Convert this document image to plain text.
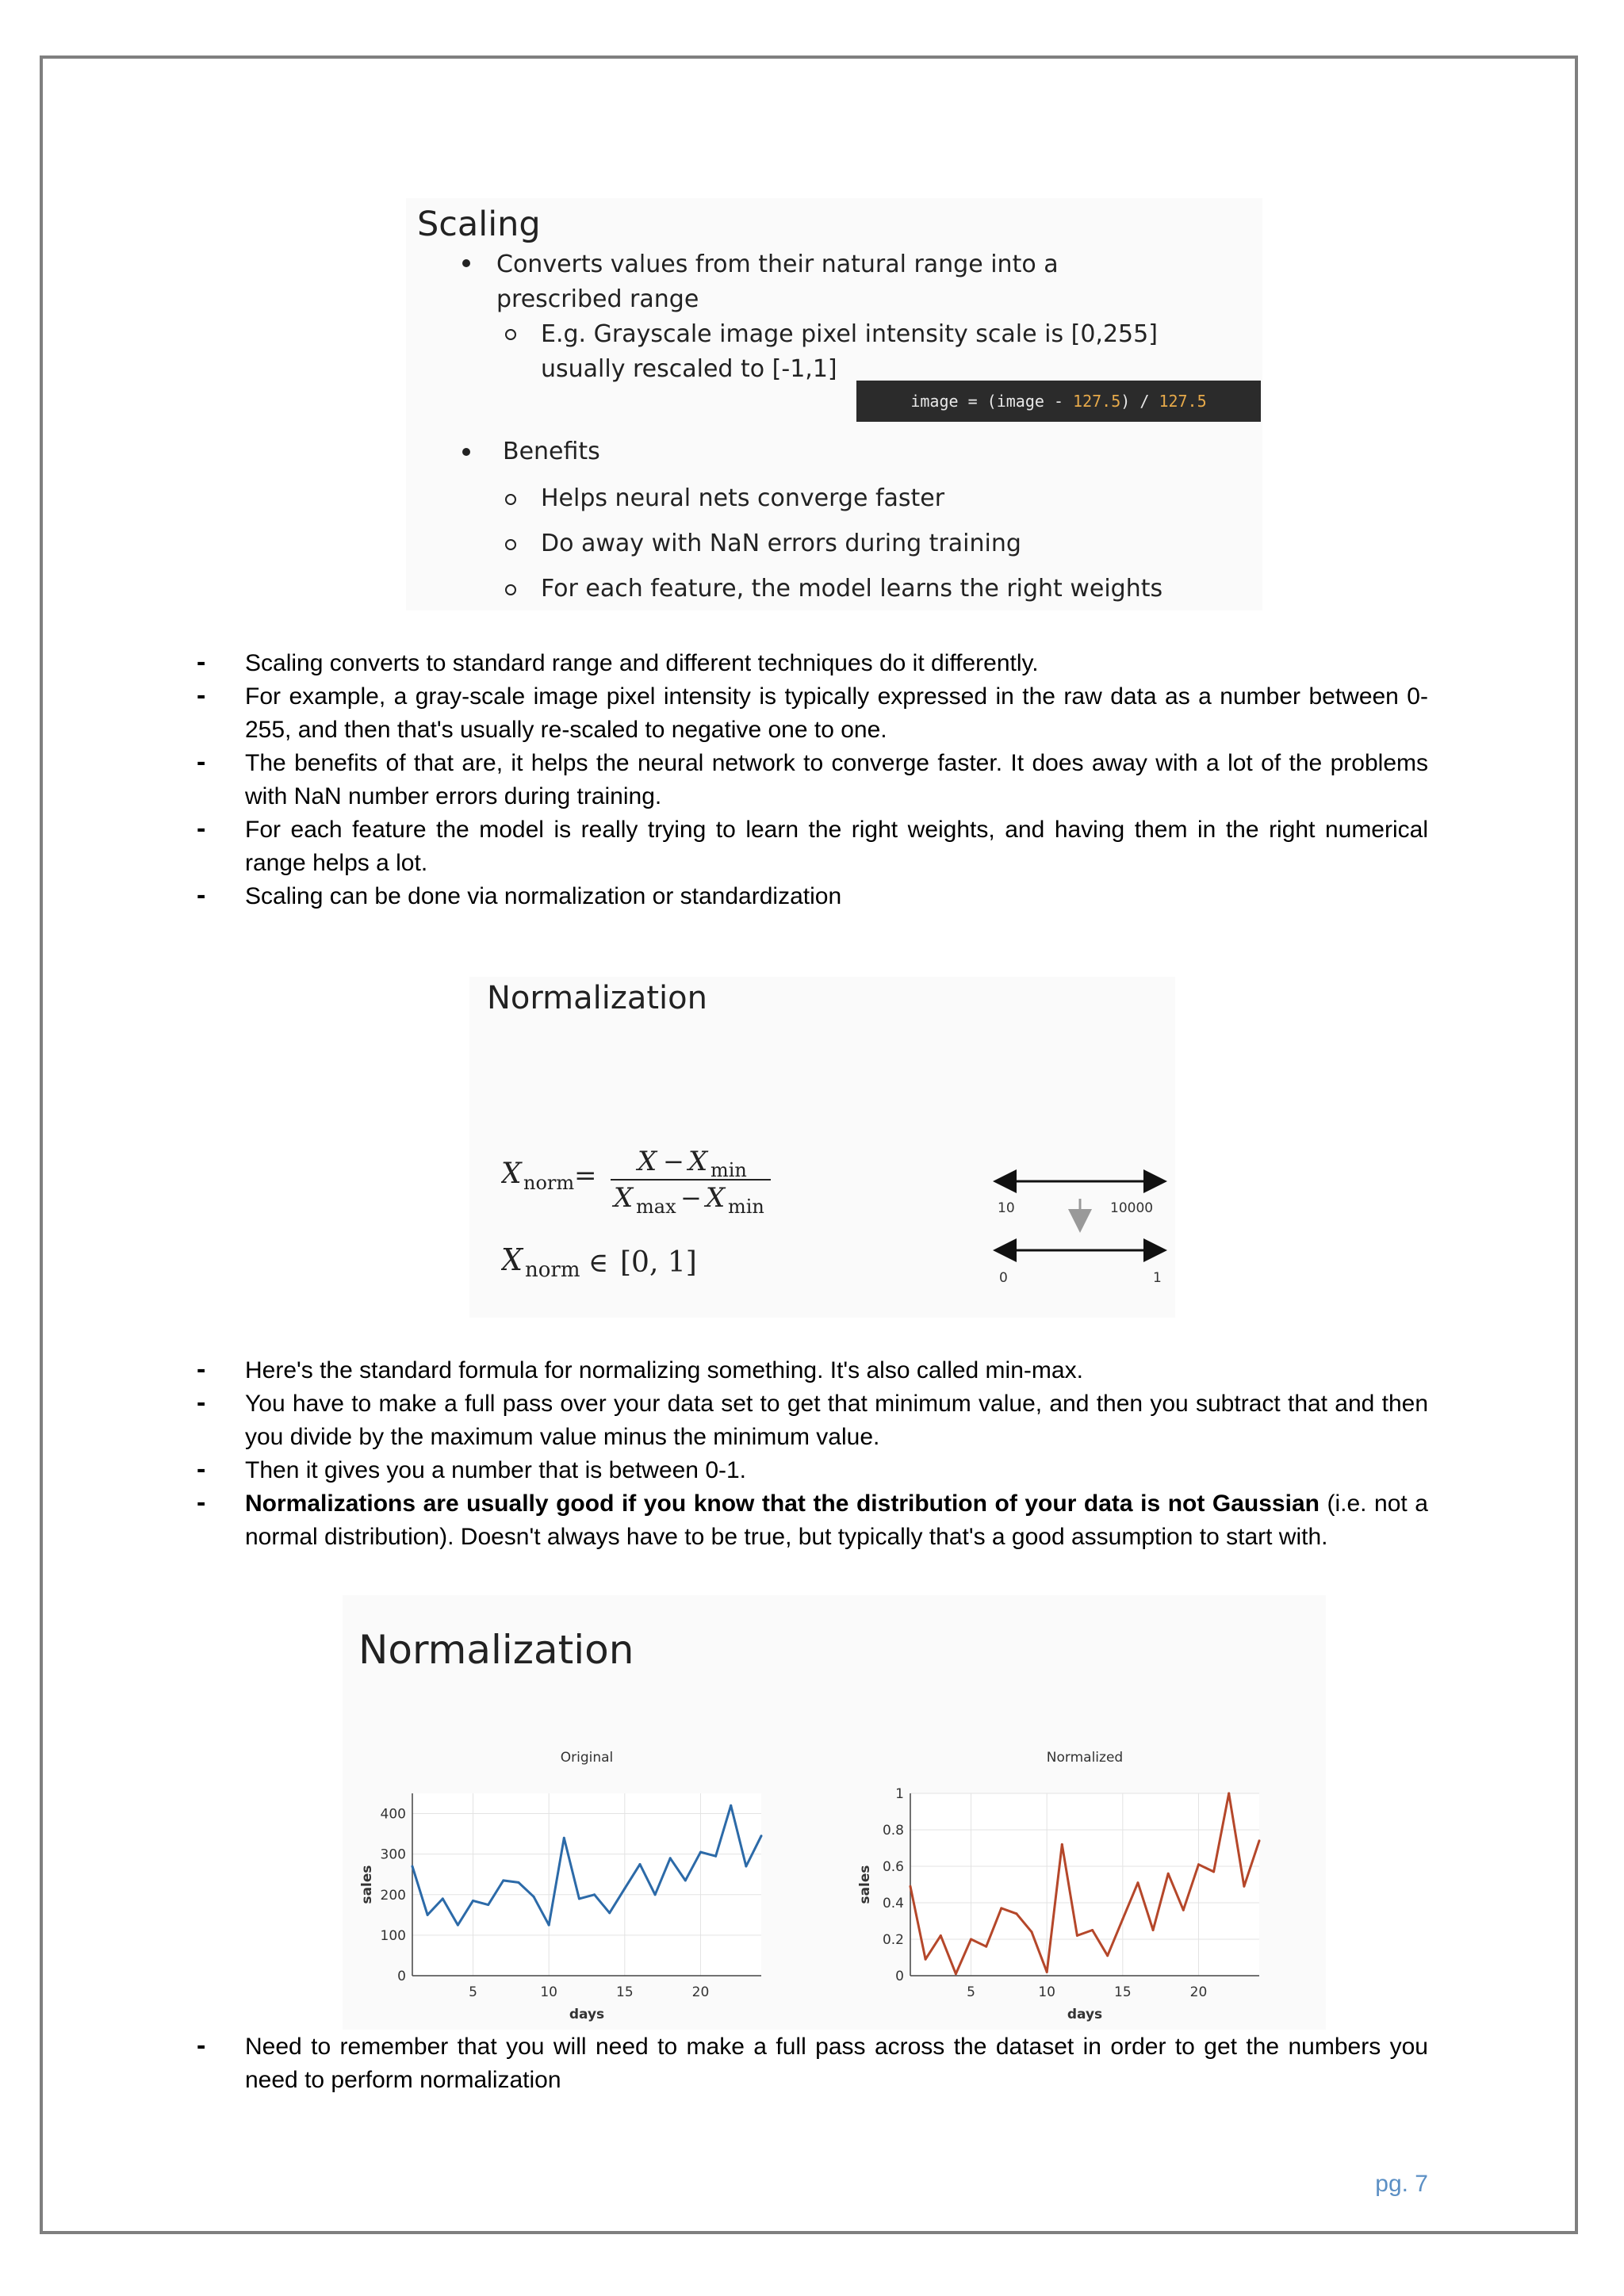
Scaling
Converts values from their natural range into a
prescribed range
E.g. Grayscale image pixel intensity scale is [0,255]
usually rescaled to [-1,1]
image = (image - 127.5 ) / 127.5
Benefits
Helps neural nets converge faster
Do away with NaN errors during training
For each feature, the model learns the right weights
- Scaling converts to standard range and different techniques do it differently.
- For example, a gray-scale image pixel intensity is typically expressed in the raw data as a number between 0-255, and then that's usually re-scaled to negative one to one.
- The benefits of that are, it helps the neural network to converge faster. It does away with a lot of the problems with NaN number errors during training.
- For each feature the model is really trying to learn the right weights, and having them in the right numerical range helps a lot.
- Scaling can be done via normalization or standardization
Normalization
X norm = X − X min
X max − X min
X norm ∈ [0, 1]
10	10000
0	1
- Here's the standard formula for normalizing something. It's also called min-max.
- You have to make a full pass over your data set to get that minimum value, and then you subtract that and then you divide by the maximum value minus the minimum value.
- Then it gives you a number that is between 0-1.
- Normalizations are usually good if you know that the distribution of your data is not Gaussian (i.e. not a normal distribution). Doesn't always have to be true, but typically that's a good assumption to start with.
Normalization
0
100
200
300
400
5	10	15	20
Original
days
sales
0
0.2
0.4
0.6
0.8
1
5	10	15	20
Normalized
days
sales
- Need to remember that you will need to make a full pass across the dataset in order to get the numbers you need to perform normalization
pg. 7
